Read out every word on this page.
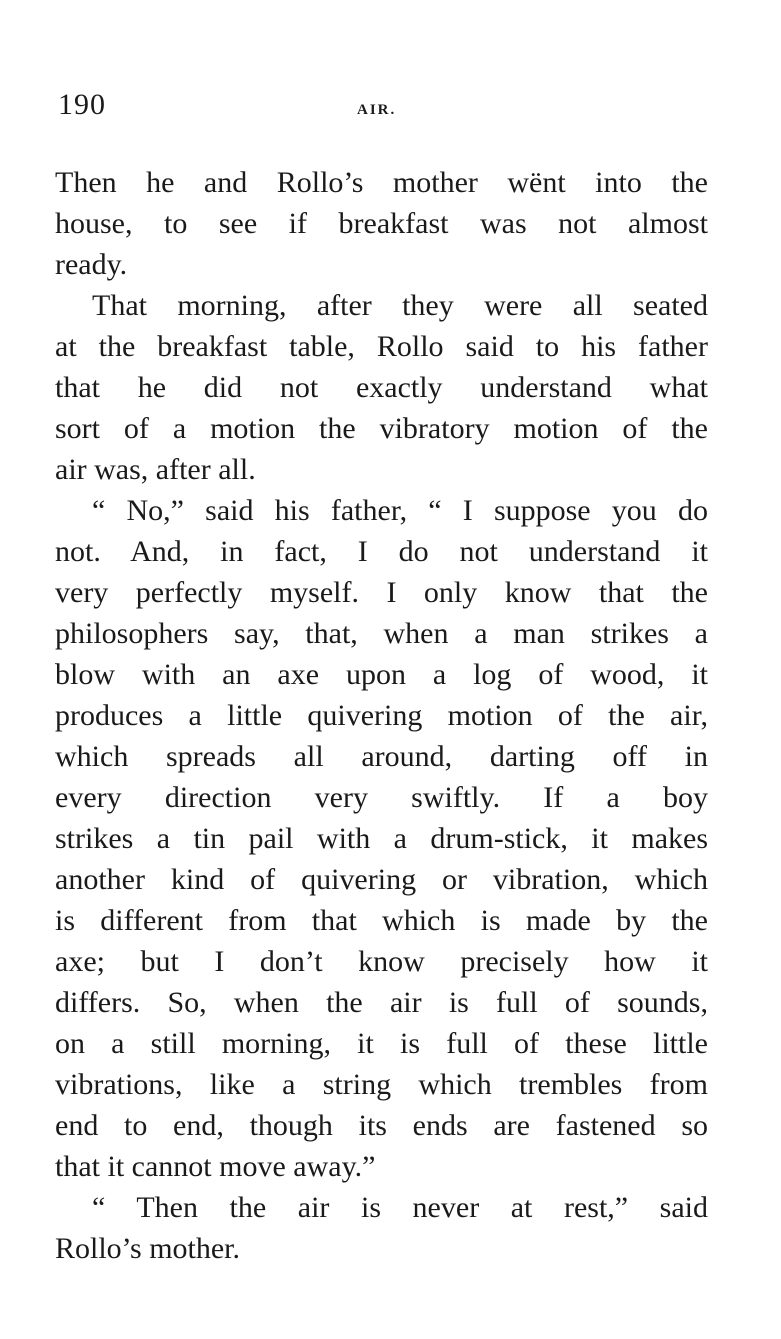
190	AIR.
Then he and Rollo’s mother wënt into the
house, to see if breakfast was not almost
ready.
That morning, after they were all seated
at the breakfast table, Rollo said to his father
that he did not exactly understand what
sort of a motion the vibratory motion of the
air was, after all.
“ No,” said his father, “ I suppose you do
not. And, in fact, I do not understand it
very perfectly myself. I only know that the
philosophers say, that, when a man strikes a
blow with an axe upon a log of wood, it
produces a little quivering motion of the air,
which spreads all around, darting off in
every direction very swiftly. If a boy
strikes a tin pail with a drum-stick, it makes
another kind of quivering or vibration, which
is different from that which is made by the
axe; but I don’t know precisely how it
differs. So, when the air is full of sounds,
on a still morning, it is full of these little
vibrations, like a string which trembles from
end to end, though its ends are fastened so
that it cannot move away.”
“ Then the air is never at rest,” said
Rollo’s mother.
